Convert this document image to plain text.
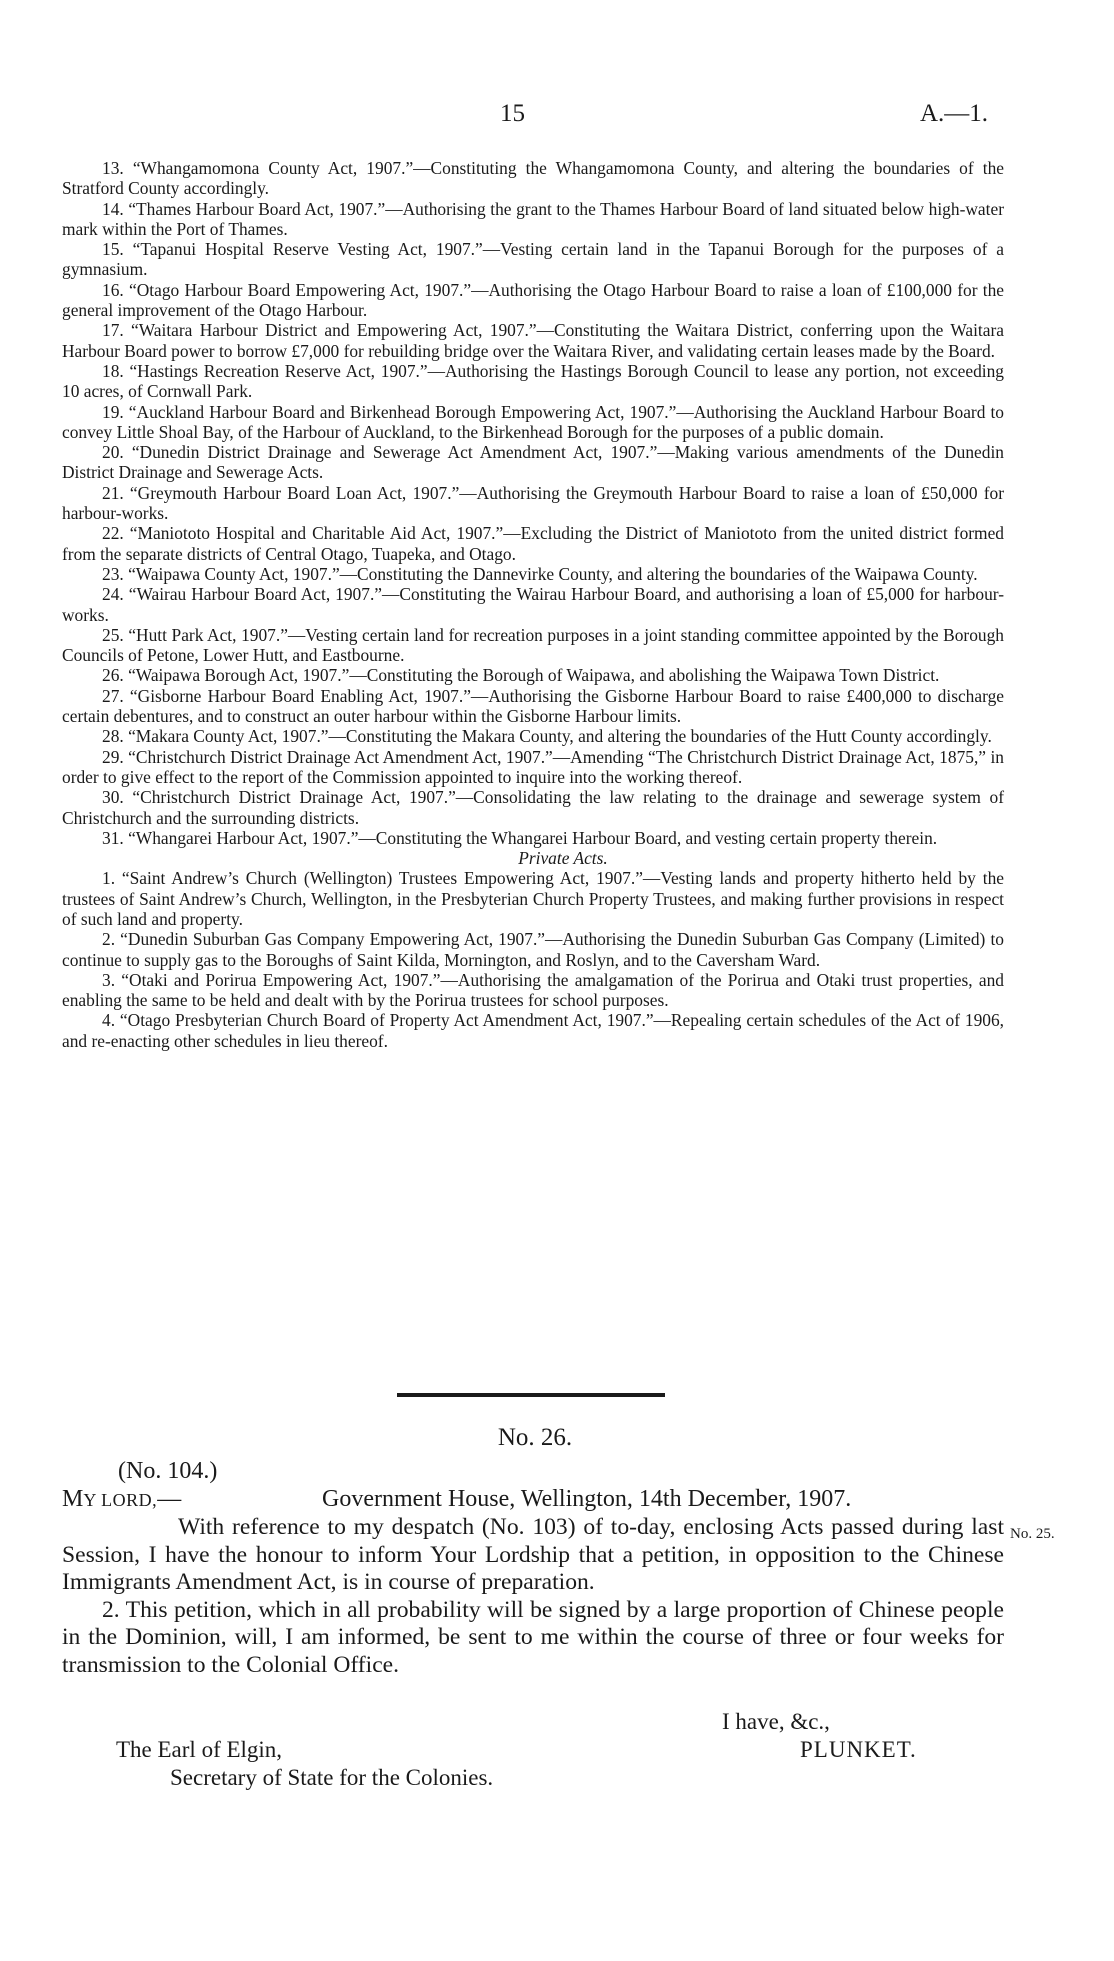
15	A.—1.

13. “Whangamomona County Act, 1907.”—Constituting the Whangamomona County, and altering the boundaries of the Stratford County accordingly.

14. “Thames Harbour Board Act, 1907.”—Authorising the grant to the Thames Harbour Board of land situated below high-water mark within the Port of Thames.

15. “Tapanui Hospital Reserve Vesting Act, 1907.”—Vesting certain land in the Tapanui Borough for the purposes of a gymnasium.

16. “Otago Harbour Board Empowering Act, 1907.”—Authorising the Otago Harbour Board to raise a loan of £100,000 for the general improvement of the Otago Harbour.

17. “Waitara Harbour District and Empowering Act, 1907.”—Constituting the Waitara District, conferring upon the Waitara Harbour Board power to borrow £7,000 for rebuilding bridge over the Waitara River, and validating certain leases made by the Board.

18. “Hastings Recreation Reserve Act, 1907.”—Authorising the Hastings Borough Council to lease any portion, not exceeding 10 acres, of Cornwall Park.

19. “Auckland Harbour Board and Birkenhead Borough Empowering Act, 1907.”—Authorising the Auckland Harbour Board to convey Little Shoal Bay, of the Harbour of Auckland, to the Birkenhead Borough for the purposes of a public domain.

20. “Dunedin District Drainage and Sewerage Act Amendment Act, 1907.”—Making various amendments of the Dunedin District Drainage and Sewerage Acts.

21. “Greymouth Harbour Board Loan Act, 1907.”—Authorising the Greymouth Harbour Board to raise a loan of £50,000 for harbour-works.

22. “Maniototo Hospital and Charitable Aid Act, 1907.”—Excluding the District of Maniototo from the united district formed from the separate districts of Central Otago, Tuapeka, and Otago.

23. “Waipawa County Act, 1907.”—Constituting the Dannevirke County, and altering the boundaries of the Waipawa County.

24. “Wairau Harbour Board Act, 1907.”—Constituting the Wairau Harbour Board, and authorising a loan of £5,000 for harbour-works.

25. “Hutt Park Act, 1907.”—Vesting certain land for recreation purposes in a joint standing committee appointed by the Borough Councils of Petone, Lower Hutt, and Eastbourne.

26. “Waipawa Borough Act, 1907.”—Constituting the Borough of Waipawa, and abolishing the Waipawa Town District.

27. “Gisborne Harbour Board Enabling Act, 1907.”—Authorising the Gisborne Harbour Board to raise £400,000 to discharge certain debentures, and to construct an outer harbour within the Gisborne Harbour limits.

28. “Makara County Act, 1907.”—Constituting the Makara County, and altering the boundaries of the Hutt County accordingly.

29. “Christchurch District Drainage Act Amendment Act, 1907.”—Amending “The Christchurch District Drainage Act, 1875,” in order to give effect to the report of the Commission appointed to inquire into the working thereof.

30. “Christchurch District Drainage Act, 1907.”—Consolidating the law relating to the drainage and sewerage system of Christchurch and the surrounding districts.

31. “Whangarei Harbour Act, 1907.”—Constituting the Whangarei Harbour Board, and vesting certain property therein.

Private Acts.

1. “Saint Andrew’s Church (Wellington) Trustees Empowering Act, 1907.”—Vesting lands and property hitherto held by the trustees of Saint Andrew’s Church, Wellington, in the Presbyterian Church Property Trustees, and making further provisions in respect of such land and property.

2. “Dunedin Suburban Gas Company Empowering Act, 1907.”—Authorising the Dunedin Suburban Gas Company (Limited) to continue to supply gas to the Boroughs of Saint Kilda, Mornington, and Roslyn, and to the Caversham Ward.

3. “Otaki and Porirua Empowering Act, 1907.”—Authorising the amalgamation of the Porirua and Otaki trust properties, and enabling the same to be held and dealt with by the Porirua trustees for school purposes.

4. “Otago Presbyterian Church Board of Property Act Amendment Act, 1907.”—Repealing certain schedules of the Act of 1906, and re-enacting other schedules in lieu thereof.

No. 26.
(No. 104.)
MY LORD,—	Government House, Wellington, 14th December, 1907.

With reference to my despatch (No. 103) of to-day, enclosing Acts passed during last Session, I have the honour to inform Your Lordship that a petition, in opposition to the Chinese Immigrants Amendment Act, is in course of preparation.

2. This petition, which in all probability will be signed by a large proportion of Chinese people in the Dominion, will, I am informed, be sent to me within the course of three or four weeks for transmission to the Colonial Office.

No. 25.
I have, &c.,
The Earl of Elgin,	PLUNKET.
Secretary of State for the Colonies.
